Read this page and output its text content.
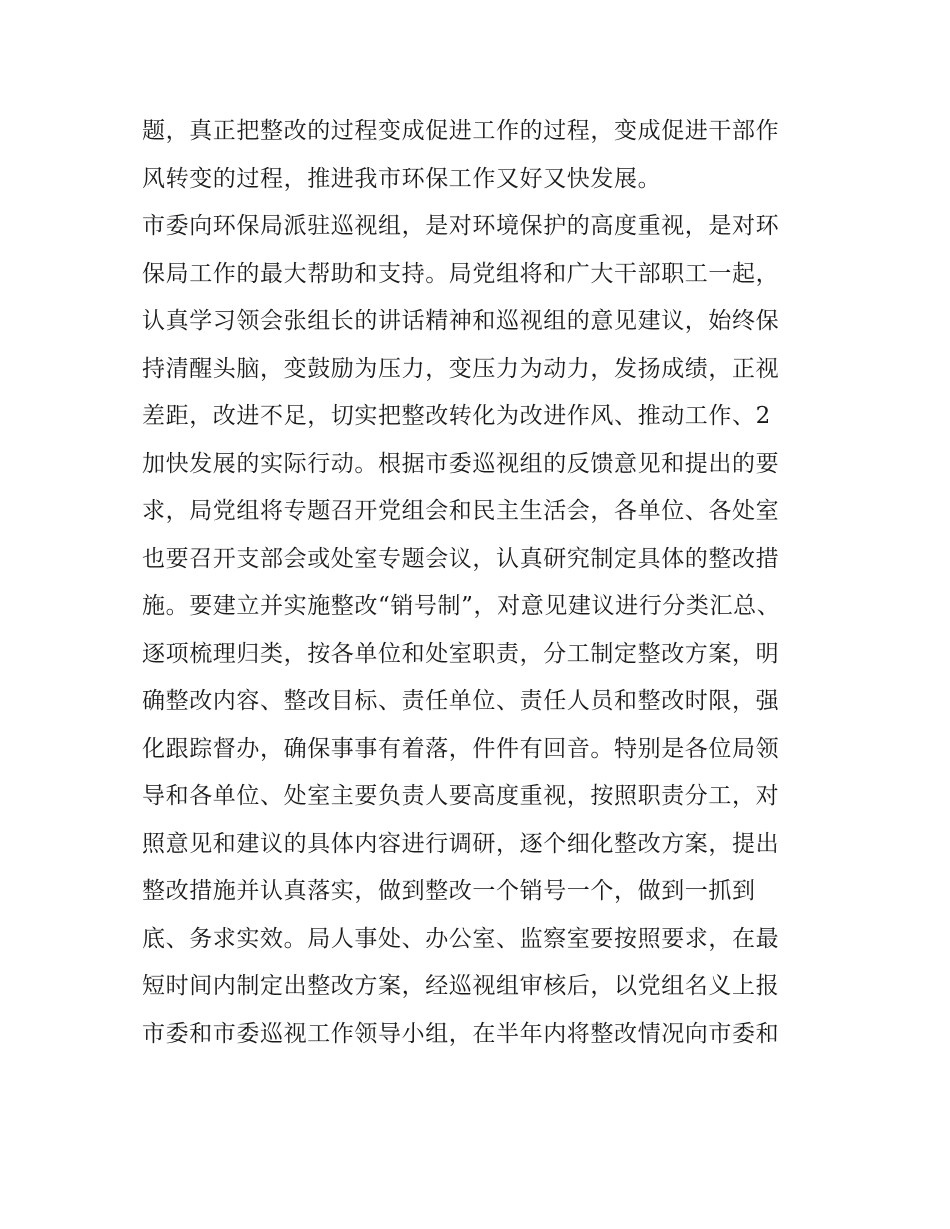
题，真正把整改的过程变成促进工作的过程，变成促进干部作
风转变的过程，推进我市环保工作又好又快发展。
市委向环保局派驻巡视组，是对环境保护的高度重视，是对环
保局工作的最大帮助和支持。局党组将和广大干部职工一起，
认真学习领会张组长的讲话精神和巡视组的意见建议，始终保
持清醒头脑，变鼓励为压力，变压力为动力，发扬成绩，正视
差距，改进不足，切实把整改转化为改进作风、推动工作、2
加快发展的实际行动。根据市委巡视组的反馈意见和提出的要
求，局党组将专题召开党组会和民主生活会，各单位、各处室
也要召开支部会或处室专题会议，认真研究制定具体的整改措
施。要建立并实施整改“销号制”，对意见建议进行分类汇总、
逐项梳理归类，按各单位和处室职责，分工制定整改方案，明
确整改内容、整改目标、责任单位、责任人员和整改时限，强
化跟踪督办，确保事事有着落，件件有回音。特别是各位局领
导和各单位、处室主要负责人要高度重视，按照职责分工，对
照意见和建议的具体内容进行调研，逐个细化整改方案，提出
整改措施并认真落实，做到整改一个销号一个，做到一抓到
底、务求实效。局人事处、办公室、监察室要按照要求，在最
短时间内制定出整改方案，经巡视组审核后，以党组名义上报
市委和市委巡视工作领导小组，在半年内将整改情况向市委和
